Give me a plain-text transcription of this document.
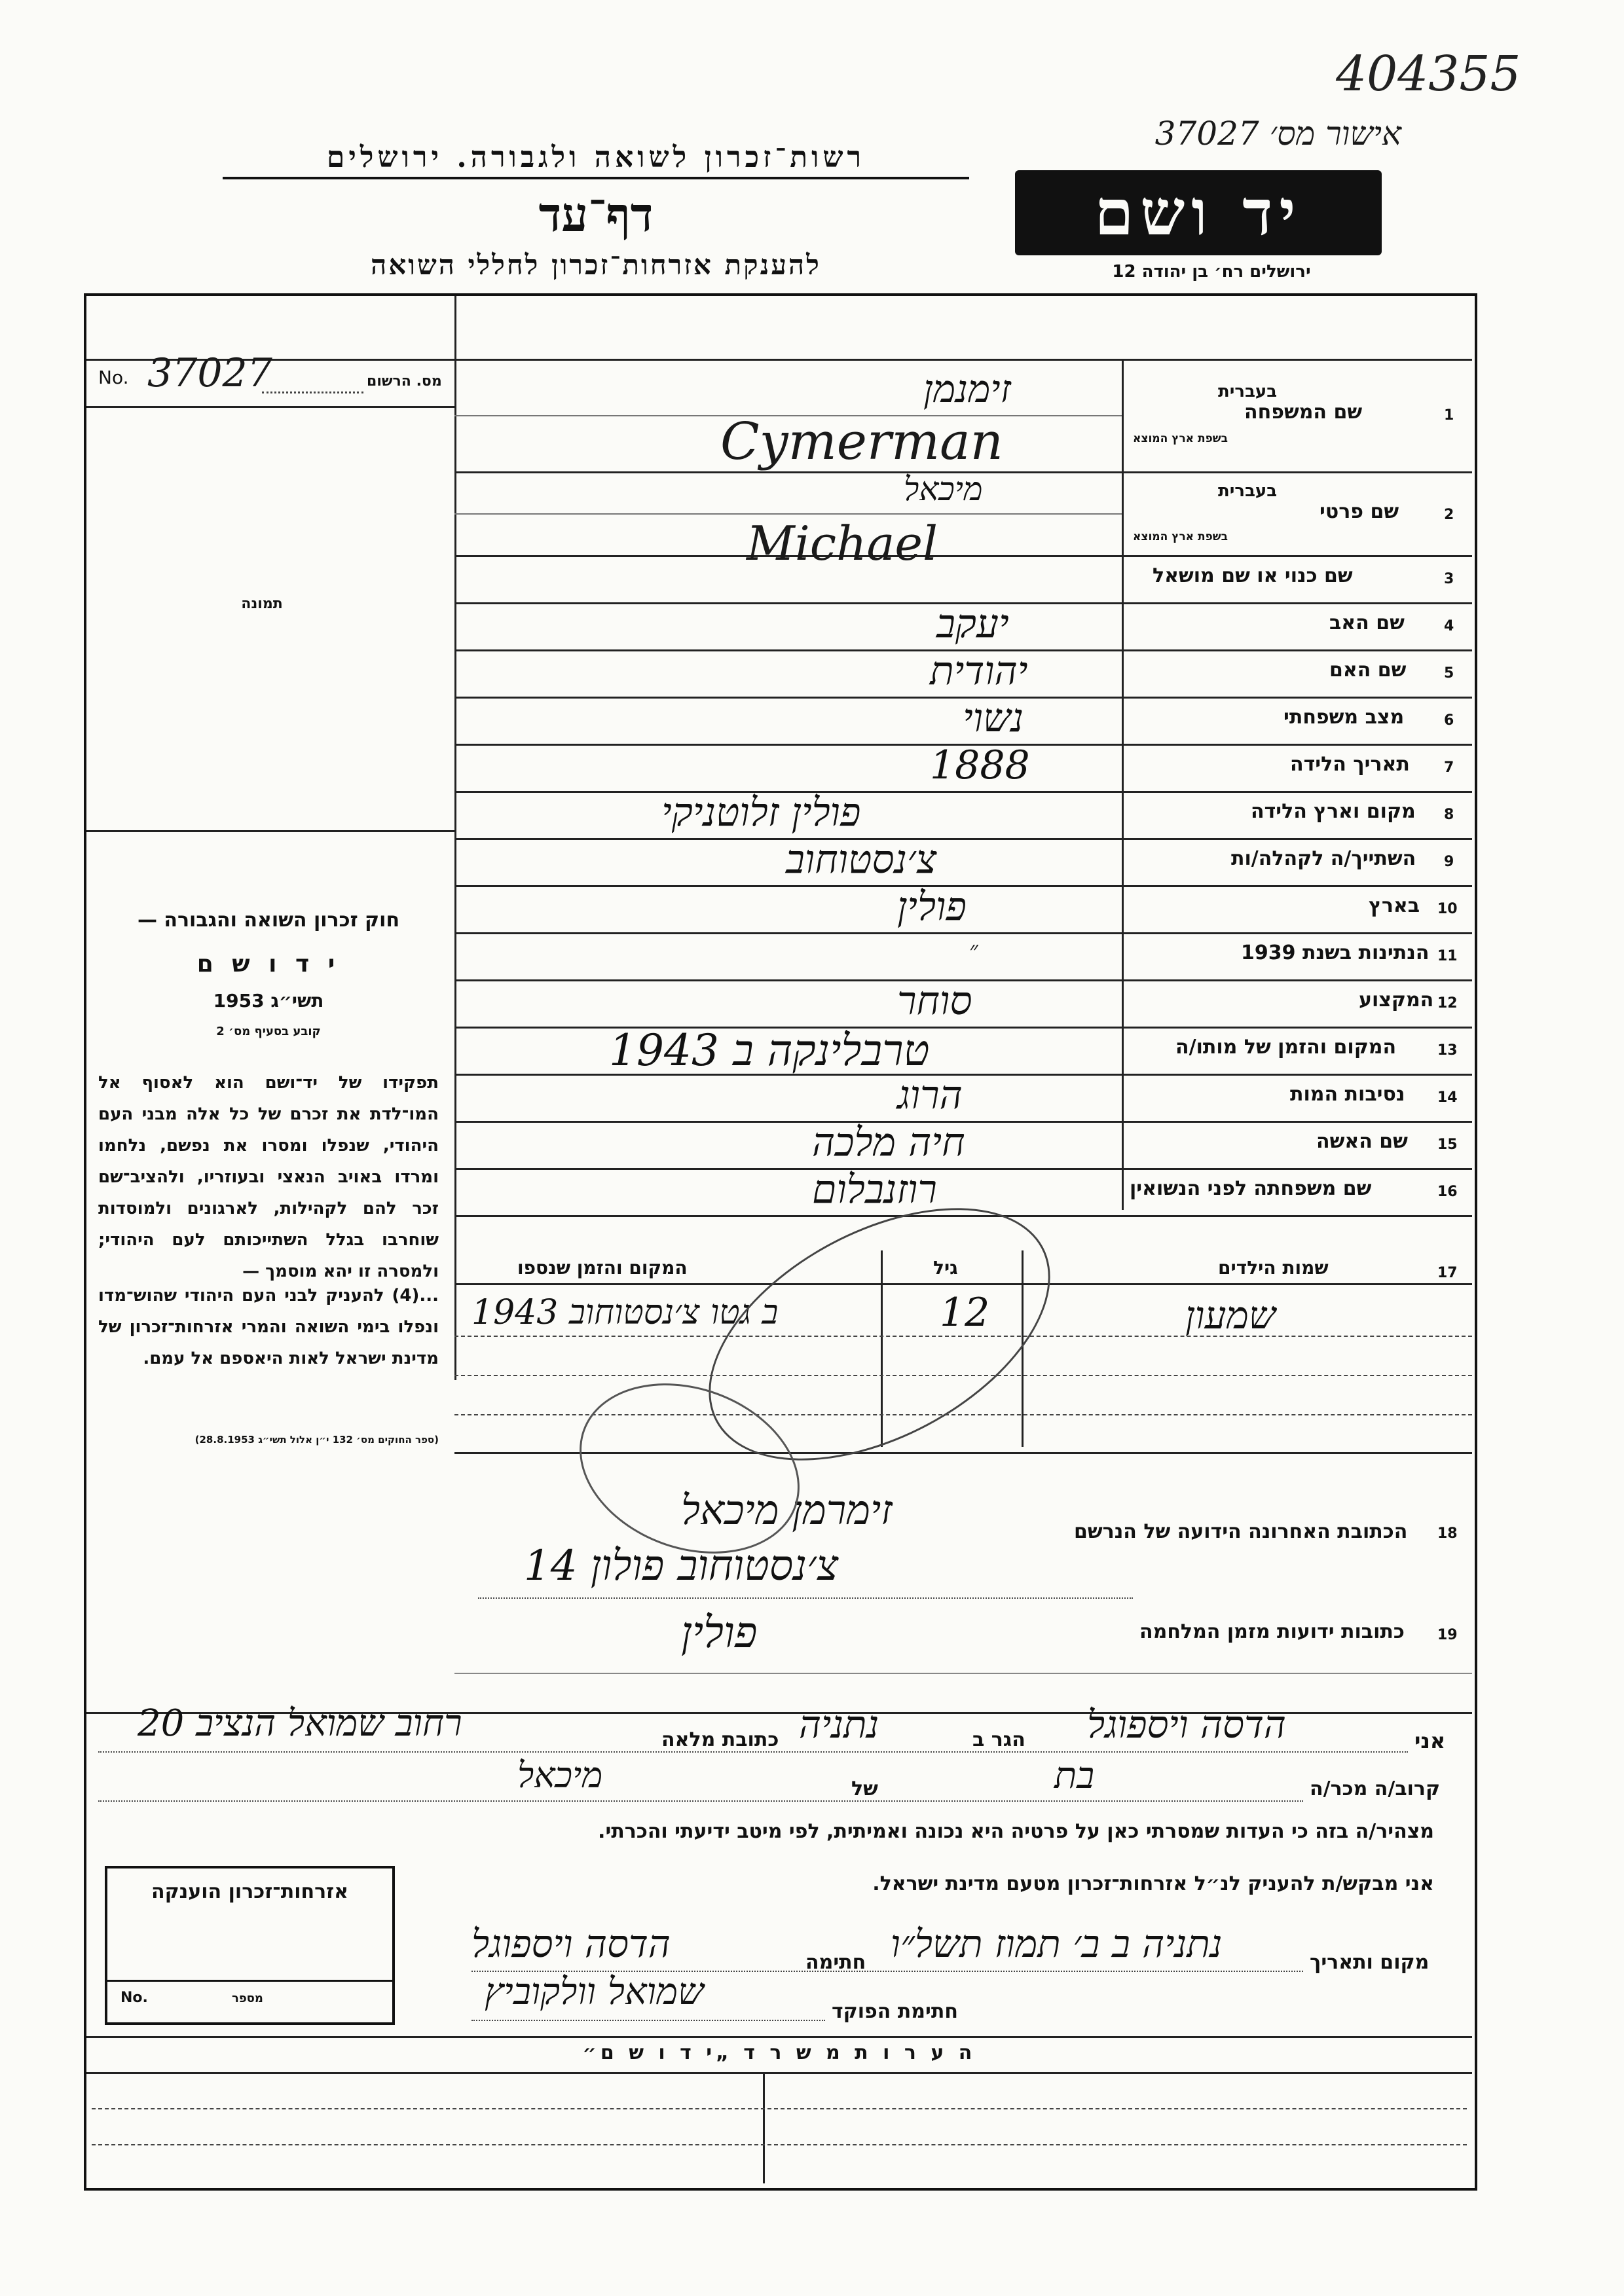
404355
רשות־זכרון לשואה ולגבורה. ירושלים
דף־עד
להענקת אזרחות־זכרון לחללי השואה
אישור מס׳ 37027
יד ושם
ירושלים רח׳ בן יהודה 12
No. 37027	מס. הרשום
תמונה
חוק זכרון השואה והגבורה —
י ד ו ש ם
תשי״ג 1953
קובע בסעיף מס׳ 2
תפקידו של יד־ושם הוא לאסוף אל המו־לדת את זכרם של כל אלה מבני העם היהודי, שנפלו ומסרו את נפשם, נלחמו ומרדו באויב הנאצי ובעוזריו, ולהציב־שם זכר להם לקהילות, לארגונים ולמוסדות שוחרבו בגלל השתייכותם לעם היהודי; ולמסרה זו יהא מוסמך —
...(4) להעניק לבני העם היהודי שהוש־מדו ונפלו בימי השואה והמרי אזרחות־זכרון של מדינת ישראל לאות היאספם אל עמם.
(ספר החוקים מס׳ 132 י״ן אלול תשי״ג 28.8.1953)
1
שם המשפחה
בעברית
בשפת ארץ המוצא
זימנמן
Cymerman
2
שם פרטי
בעברית
בשפת ארץ המוצא
מיכאל
Michael
3
שם כנוי או שם מושאל
4
שם האב
יעקב
5
שם האם
יהודית
6
מצב משפחתי
נשוי
7
תאריך הלידה
1888
8
מקום וארץ הלידה
פולין זלוטניקי
9
השתייך/ה לקהלה/ות
צ׳נסטוחוב
10
בארץ
פולין
11
הנתינות בשנת 1939
״
12
המקצוע
סוחר
13
המקום והזמן של מותו/ה
טרבלינקה ב 1943
14
נסיבות המות
הרוג
15
שם האשה
חיה מלכה
16
שם משפחתה לפני הנשואין
רוזנבלום
17
שמות הילדים
גיל
המקום והזמן שנספו
שמעון
12
ב גטו צ׳נסטוחוב 1943
18
הכתובת האחרונה הידועה של הנרשם
זימרמן מיכאל
צ׳נסטוחוב פולון 14
19
כתובות ידועות מזמן המלחמה
פולין
אני
הדסה ויספוגל
הגר ב
נתניה
כתובת מלאה
רחוב שמואל הנציב 20
קרוב/ה מכר/ה
בת
של
מיכאל
מצהיר/ה בזה כי העדות שמסרתי כאן על פרטיה היא נכונה ואמיתית, לפי מיטב ידיעתי והכרתי.
אני מבקש/ת להעניק לנ״ל אזרחות־זכרון מטעם מדינת ישראל.
מקום ותאריך
נתניה ב ב׳ תמוז תשל״ו
חתימה
הדסה ויספוגל
חתימת הפוקד
שמואל וולקוביץ
אזרחות־זכרון הוענקה
No.	מספר
ה ע ר ו ת מ ש ר ד „י ד ו ש ם״
